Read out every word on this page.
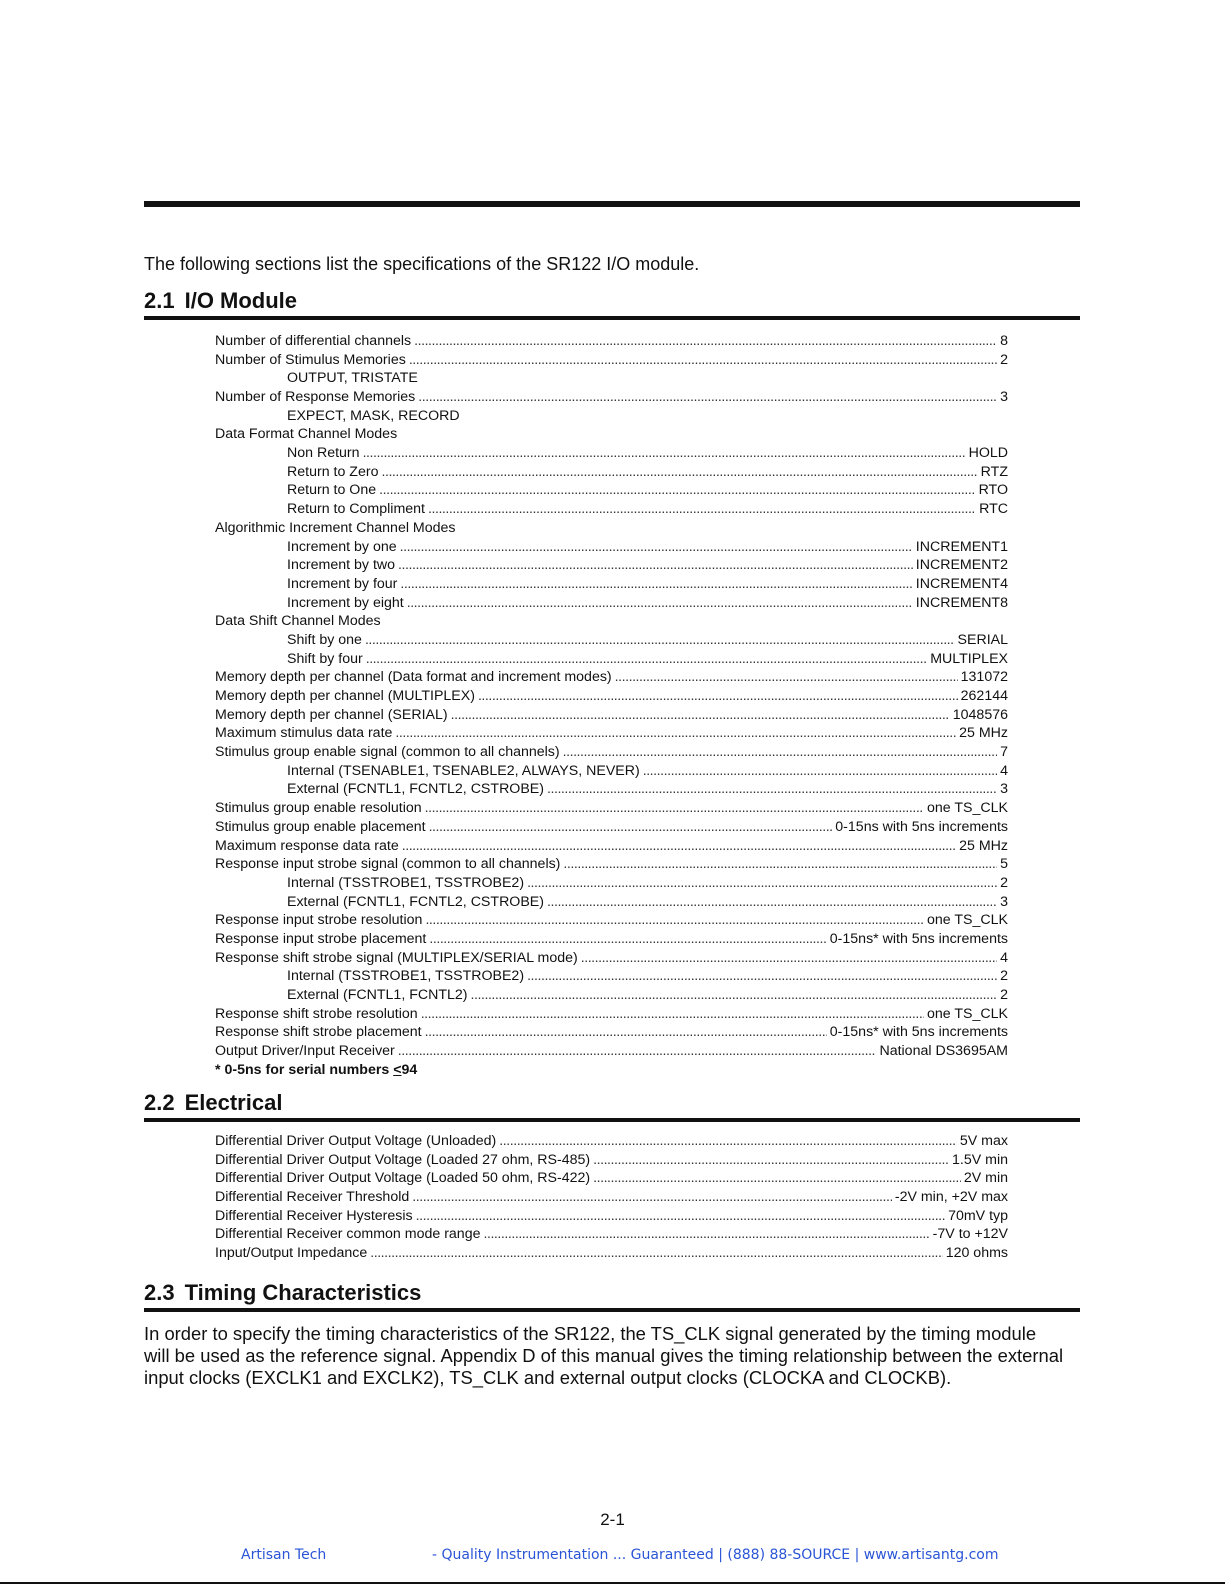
The following sections list the specifications of the SR122 I/O module.
2.1 I/O Module
Number of differential channels . . .	8
Number of Stimulus Memories . . .	2
OUTPUT, TRISTATE
Number of Response Memories . . .	3
EXPECT, MASK, RECORD
Data Format Channel Modes
Non Return . . .	HOLD
Return to Zero . . .	RTZ
Return to One . . .	RTO
Return to Compliment . . .	RTC
Algorithmic Increment Channel Modes
Increment by one . . .	INCREMENT1
Increment by two . . .	INCREMENT2
Increment by four . . .	INCREMENT4
Increment by eight . . .	INCREMENT8
Data Shift Channel Modes
Shift by one . . .	SERIAL
Shift by four . . .	MULTIPLEX
Memory depth per channel (Data format and increment modes) . . .	131072
Memory depth per channel (MULTIPLEX) . . .	262144
Memory depth per channel (SERIAL) . . .	1048576
Maximum stimulus data rate . . .	25 MHz
Stimulus group enable signal (common to all channels) . . .	7
Internal (TSENABLE1, TSENABLE2, ALWAYS, NEVER) . . .	4
External (FCNTL1, FCNTL2, CSTROBE) . . .	3
Stimulus group enable resolution . . .	one TS_CLK
Stimulus group enable placement . . .	0-15ns with 5ns increments
Maximum response data rate . . .	25 MHz
Response input strobe signal (common to all channels) . . .	5
Internal (TSSTROBE1, TSSTROBE2) . . .	2
External (FCNTL1, FCNTL2, CSTROBE) . . .	3
Response input strobe resolution . . .	one TS_CLK
Response input strobe placement . . .	0-15ns* with 5ns increments
Response shift strobe signal (MULTIPLEX/SERIAL mode) . . .	4
Internal (TSSTROBE1, TSSTROBE2) . . .	2
External (FCNTL1, FCNTL2) . . .	2
Response shift strobe resolution . . .	one TS_CLK
Response shift strobe placement . . .	0-15ns* with 5ns increments
Output Driver/Input Receiver . . .	National DS3695AM
* 0-5ns for serial numbers <94
2.2 Electrical
Differential Driver Output Voltage (Unloaded) . . .	5V max
Differential Driver Output Voltage (Loaded 27 ohm, RS-485) . . .	1.5V min
Differential Driver Output Voltage (Loaded 50 ohm, RS-422) . . .	2V min
Differential Receiver Threshold . . .	-2V min, +2V max
Differential Receiver Hysteresis . . .	70mV typ
Differential Receiver common mode range . . .	-7V to +12V
Input/Output Impedance . . .	120 ohms
2.3 Timing Characteristics
In order to specify the timing characteristics of the SR122, the TS_CLK signal generated by the timing module will be used as the reference signal. Appendix D of this manual gives the timing relationship between the external input clocks (EXCLK1 and EXCLK2), TS_CLK and external output clocks (CLOCKA and CLOCKB).
2-1
Artisan Tech	- Quality Instrumentation ... Guaranteed | (888) 88-SOURCE | www.artisantg.com
